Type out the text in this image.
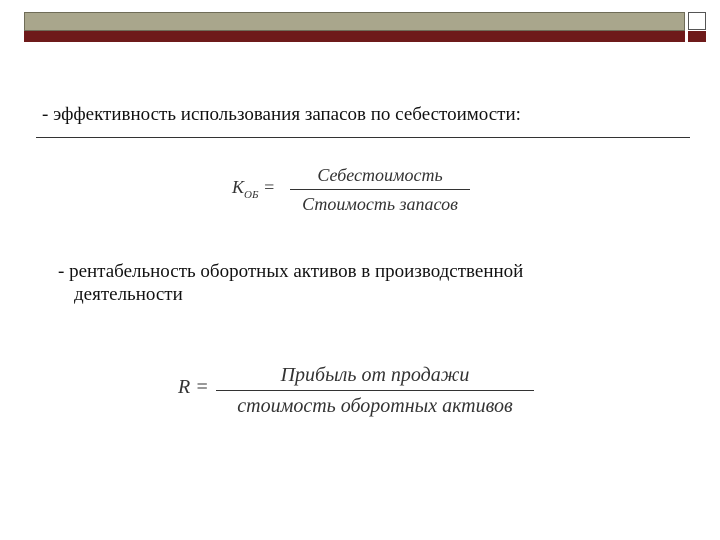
- эффективность использования запасов по себестоимости:
$K_{ОБ}$ =
Себестоимость
Стоимость запасов
- рентабельность оборотных активов в производственной
деятельности
R =
Прибыль от продажи
стоимость оборотных активов
